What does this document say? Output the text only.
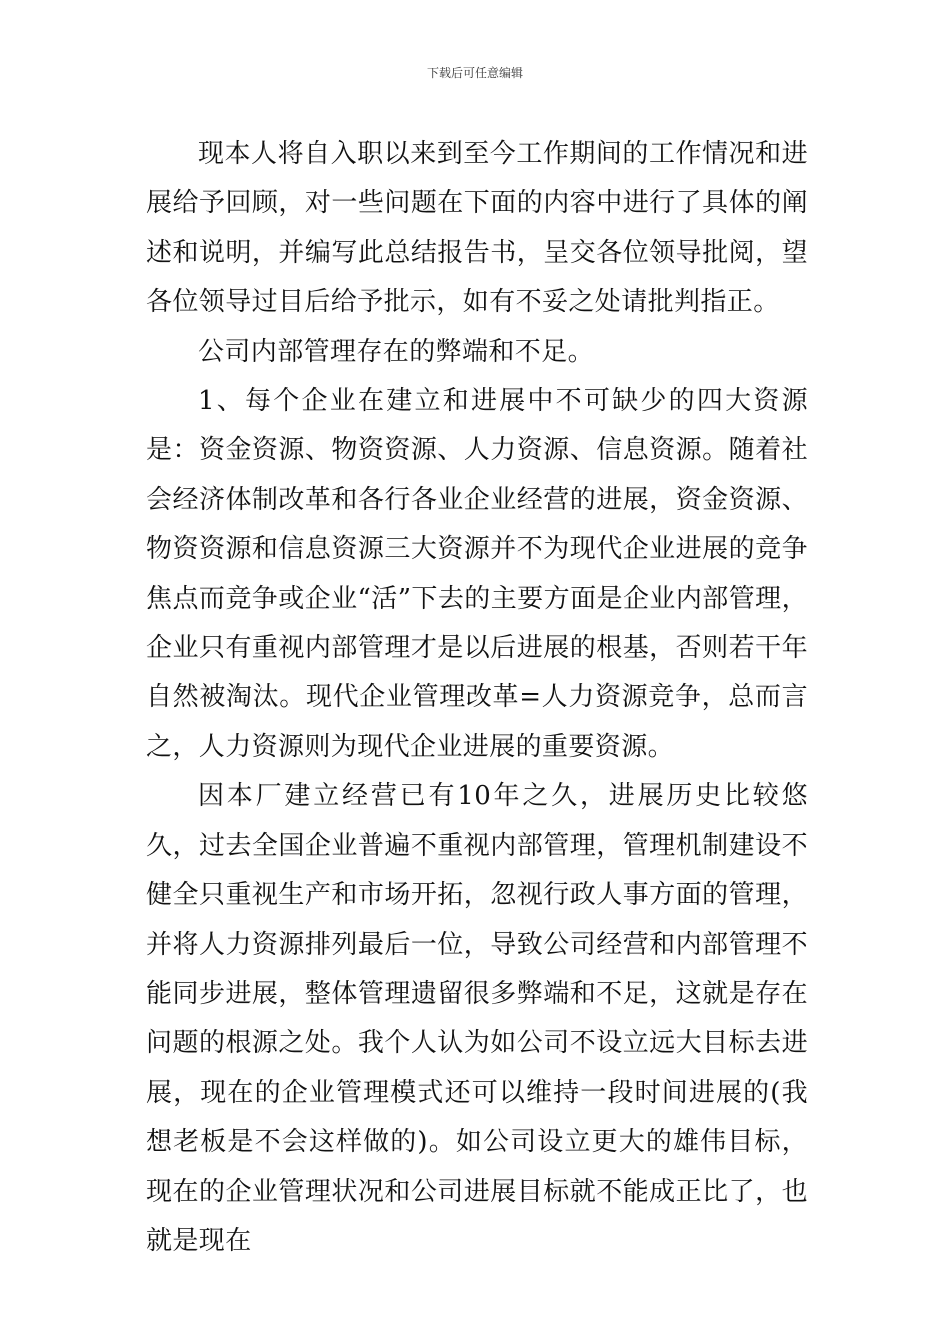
下载后可任意编辑

现本人将自入职以来到至今工作期间的工作情况和进展给予回顾，对一些问题在下面的内容中进行了具体的阐述和说明，并编写此总结报告书，呈交各位领导批阅，望各位领导过目后给予批示，如有不妥之处请批判指正。

公司内部管理存在的弊端和不足。

1、每个企业在建立和进展中不可缺少的四大资源是：资金资源、物资资源、人力资源、信息资源。随着社会经济体制改革和各行各业企业经营的进展，资金资源、物资资源和信息资源三大资源并不为现代企业进展的竞争焦点而竞争或企业“活”下去的主要方面是企业内部管理，企业只有重视内部管理才是以后进展的根基，否则若干年自然被淘汰。现代企业管理改革=人力资源竞争，总而言之，人力资源则为现代企业进展的重要资源。

因本厂建立经营已有10年之久，进展历史比较悠久，过去全国企业普遍不重视内部管理，管理机制建设不健全只重视生产和市场开拓，忽视行政人事方面的管理，并将人力资源排列最后一位，导致公司经营和内部管理不能同步进展，整体管理遗留很多弊端和不足，这就是存在问题的根源之处。我个人认为如公司不设立远大目标去进展，现在的企业管理模式还可以维持一段时间进展的(我想老板是不会这样做的)。如公司设立更大的雄伟目标，现在的企业管理状况和公司进展目标就不能成正比了，也就是现在
